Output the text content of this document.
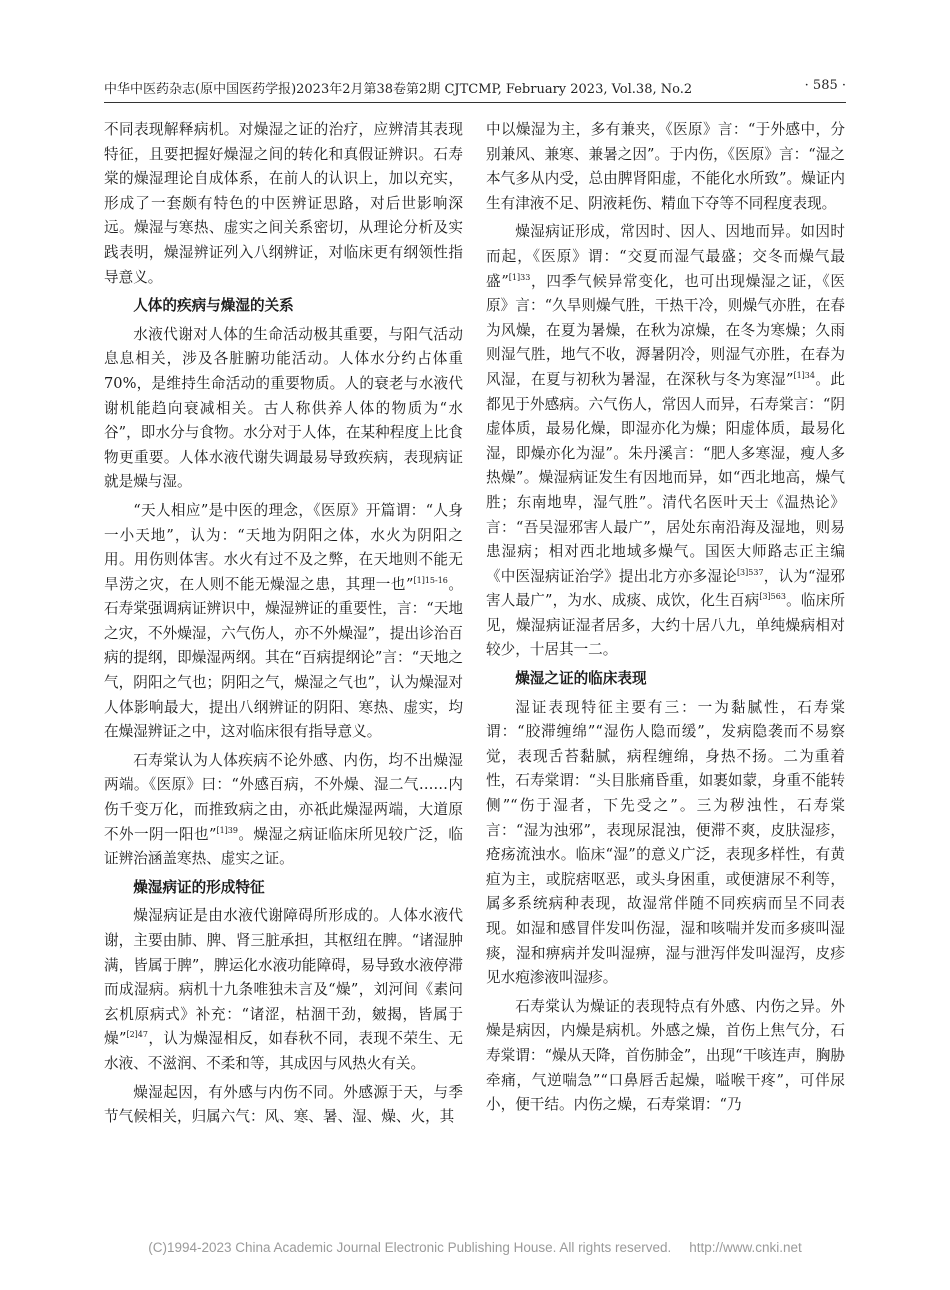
中华中医药杂志(原中国医药学报)2023年2月第38卷第2期 CJTCMP, February 2023, Vol.38, No.2	· 585 ·

不同表现解释病机。对燥湿之证的治疗，应辨清其表现特征，且要把握好燥湿之间的转化和真假证辨识。石寿棠的燥湿理论自成体系，在前人的认识上，加以充实，形成了一套颇有特色的中医辨证思路，对后世影响深远。燥湿与寒热、虚实之间关系密切，从理论分析及实践表明，燥湿辨证列入八纲辨证，对临床更有纲领性指导意义。

人体的疾病与燥湿的关系

水液代谢对人体的生命活动极其重要，与阳气活动息息相关，涉及各脏腑功能活动。人体水分约占体重70%，是维持生命活动的重要物质。人的衰老与水液代谢机能趋向衰减相关。古人称供养人体的物质为“水谷”，即水分与食物。水分对于人体，在某种程度上比食物更重要。人体水液代谢失调最易导致疾病，表现病证就是燥与湿。

“天人相应”是中医的理念，《医原》开篇谓：“人身一小天地”，认为：“天地为阴阳之体，水火为阴阳之用。用伤则体害。水火有过不及之弊，在天地则不能无旱涝之灾，在人则不能无燥湿之患，其理一也”$^{[1]15-16}$。石寿棠强调病证辨识中，燥湿辨证的重要性，言：“天地之灾，不外燥湿，六气伤人，亦不外燥湿”，提出诊治百病的提纲，即燥湿两纲。其在“百病提纲论”言：“天地之气，阴阳之气也；阴阳之气，燥湿之气也”，认为燥湿对人体影响最大，提出八纲辨证的阴阳、寒热、虚实，均在燥湿辨证之中，这对临床很有指导意义。

石寿棠认为人体疾病不论外感、内伤，均不出燥湿两端。《医原》曰：“外感百病，不外燥、湿二气……内伤千变万化，而推致病之由，亦祇此燥湿两端，大道原不外一阴一阳也”$^{[1]39}$。燥湿之病证临床所见较广泛，临证辨治涵盖寒热、虚实之证。

燥湿病证的形成特征

燥湿病证是由水液代谢障碍所形成的。人体水液代谢，主要由肺、脾、肾三脏承担，其枢纽在脾。“诸湿肿满，皆属于脾”，脾运化水液功能障碍，易导致水液停滞而成湿病。病机十九条唯独未言及“燥”，刘河间《素问玄机原病式》补充：“诸涩，枯涸干劲，皴揭，皆属于燥”$^{[2]47}$，认为燥湿相反，如春秋不同，表现不荣生、无水液、不滋润、不柔和等，其成因与风热火有关。

燥湿起因，有外感与内伤不同。外感源于天，与季节气候相关，归属六气：风、寒、暑、湿、燥、火，其

中以燥湿为主，多有兼夹，《医原》言：“于外感中，分别兼风、兼寒、兼暑之因”。于内伤，《医原》言：“湿之本气多从内受，总由脾肾阳虚，不能化水所致”。燥证内生有津液不足、阴液耗伤、精血下夺等不同程度表现。

燥湿病证形成，常因时、因人、因地而异。如因时而起，《医原》谓：“交夏而湿气最盛；交冬而燥气最盛”$^{[1]33}$，四季气候异常变化，也可出现燥湿之证，《医原》言：“久旱则燥气胜，干热干冷，则燥气亦胜，在春为风燥，在夏为暑燥，在秋为凉燥，在冬为寒燥；久雨则湿气胜，地气不收，溽暑阴冷，则湿气亦胜，在春为风湿，在夏与初秋为暑湿，在深秋与冬为寒湿”$^{[1]34}$。此都见于外感病。六气伤人，常因人而异，石寿棠言：“阴虚体质，最易化燥，即湿亦化为燥；阳虚体质，最易化湿，即燥亦化为湿”。朱丹溪言：“肥人多寒湿，瘦人多热燥”。燥湿病证发生有因地而异，如“西北地高，燥气胜；东南地卑，湿气胜”。清代名医叶天士《温热论》言：“吾吴湿邪害人最广”，居处东南沿海及湿地，则易患湿病；相对西北地域多燥气。国医大师路志正主编《中医湿病证治学》提出北方亦多湿论$^{[3]537}$，认为“湿邪害人最广”，为水、成痰、成饮，化生百病$^{[3]563}$。临床所见，燥湿病证湿者居多，大约十居八九，单纯燥病相对较少，十居其一二。

燥湿之证的临床表现

湿证表现特征主要有三：一为黏腻性，石寿棠谓：“胶滞缠绵”“湿伤人隐而缓”，发病隐袭而不易察觉，表现舌苔黏腻，病程缠绵，身热不扬。二为重着性，石寿棠谓：“头目胀痛昏重，如裹如蒙，身重不能转侧”“伤于湿者，下先受之”。三为秽浊性，石寿棠言：“湿为浊邪”，表现尿混浊，便滞不爽，皮肤湿疹，疮疡流浊水。临床“湿”的意义广泛，表现多样性，有黄疸为主，或脘痞呕恶，或头身困重，或便溏尿不利等，属多系统病种表现，故湿常伴随不同疾病而呈不同表现。如湿和感冒伴发叫伤湿，湿和咳喘并发而多痰叫湿痰，湿和痹病并发叫湿痹，湿与泄泻伴发叫湿泻，皮疹见水疱渗液叫湿疹。

石寿棠认为燥证的表现特点有外感、内伤之异。外燥是病因，内燥是病机。外感之燥，首伤上焦气分，石寿棠谓：“燥从天降，首伤肺金”，出现“干咳连声，胸胁牵痛，气逆喘急”“口鼻唇舌起燥，嗌喉干疼”，可伴尿小，便干结。内伤之燥，石寿棠谓：“乃

(C)1994-2023 China Academic Journal Electronic Publishing House. All rights reserved. http://www.cnki.net
